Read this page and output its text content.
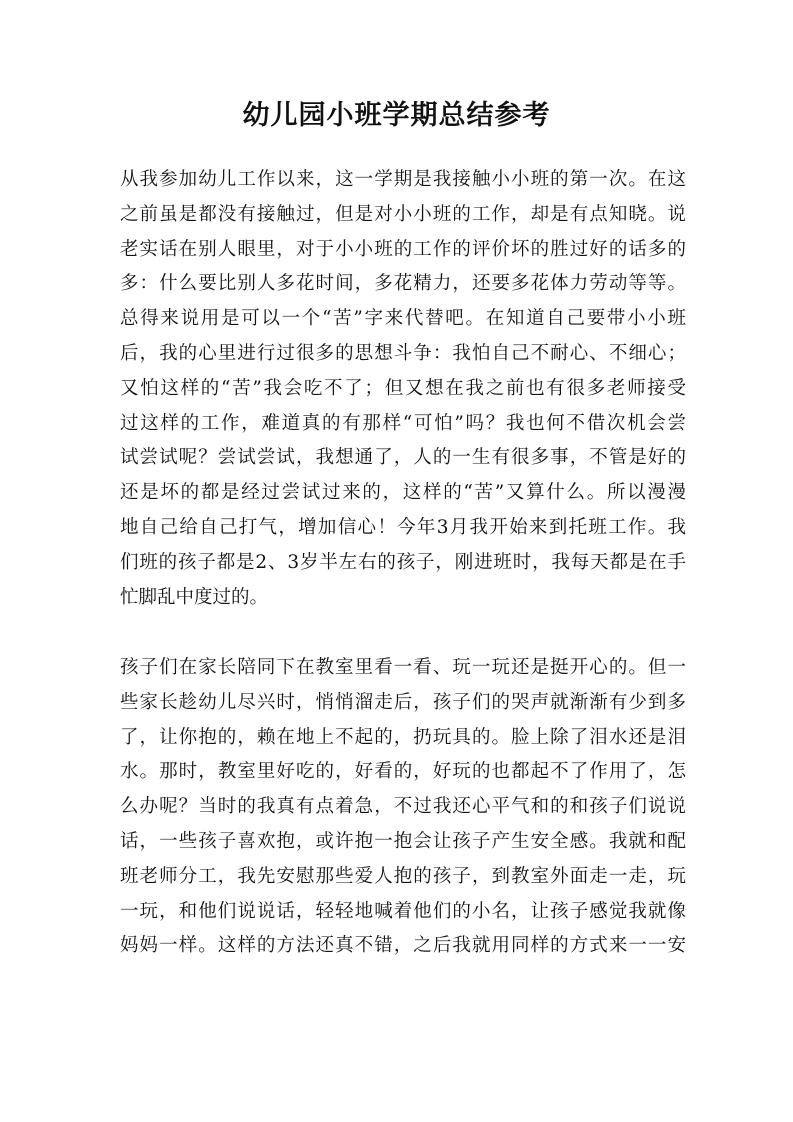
幼儿园小班学期总结参考
从我参加幼儿工作以来，这一学期是我接触小小班的第一次。在这
之前虽是都没有接触过，但是对小小班的工作，却是有点知晓。说
老实话在别人眼里，对于小小班的工作的评价坏的胜过好的话多的
多：什么要比别人多花时间，多花精力，还要多花体力劳动等等。
总得来说用是可以一个“苦”字来代替吧。在知道自己要带小小班
后，我的心里进行过很多的思想斗争：我怕自己不耐心、不细心；
又怕这样的“苦”我会吃不了；但又想在我之前也有很多老师接受
过这样的工作，难道真的有那样“可怕”吗？我也何不借次机会尝
试尝试呢？尝试尝试，我想通了，人的一生有很多事，不管是好的
还是坏的都是经过尝试过来的，这样的“苦”又算什么。所以漫漫
地自己给自己打气，增加信心！今年3月我开始来到托班工作。我
们班的孩子都是2、3岁半左右的孩子，刚进班时，我每天都是在手
忙脚乱中度过的。
孩子们在家长陪同下在教室里看一看、玩一玩还是挺开心的。但一
些家长趁幼儿尽兴时，悄悄溜走后，孩子们的哭声就渐渐有少到多
了，让你抱的，赖在地上不起的，扔玩具的。脸上除了泪水还是泪
水。那时，教室里好吃的，好看的，好玩的也都起不了作用了，怎
么办呢？当时的我真有点着急，不过我还心平气和的和孩子们说说
话，一些孩子喜欢抱，或许抱一抱会让孩子产生安全感。我就和配
班老师分工，我先安慰那些爱人抱的孩子，到教室外面走一走，玩
一玩，和他们说说话，轻轻地喊着他们的小名，让孩子感觉我就像
妈妈一样。这样的方法还真不错，之后我就用同样的方式来一一安
